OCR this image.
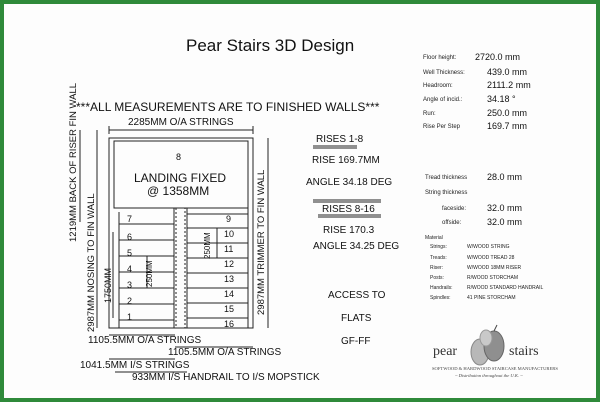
Pear Stairs 3D Design
***ALL MEASUREMENTS ARE TO FINISHED WALLS***
1
2
3
4
5
6
7	9
10
11
12
13
14
15
16
8
2285MM O/A STRINGS
1219MM BACK OF RISER FIN WALL
2987MM NOSING TO FIN WALL 1750MM	2987MM TRIMMER TO FIN WALL
250MM
250MM
LANDING FIXED
@ 1358MM
1105.5MM O/A STRINGS
1105.5MM O/A STRINGS
1041.5MM I/S STRINGS
933MM I/S HANDRAIL TO I/S MOPSTICK
RISES 1-8
RISE 169.7MM
ANGLE 34.18 DEG
RISES 8-16
RISE 170.3
ANGLE 34.25 DEG
ACCESS TO
FLATS
GF-FF
Floor height: 2720.0 mm
Well Thickness: 439.0 mm
Headroom:	2111.2 mm
Angle of incid.:	34.18 °
Run:	250.0 mm
Rise Per Step	169.7 mm
Tread thickness 28.0 mm
String thickness
faceside: 32.0 mm
offside:	32.0 mm
Material
Strings:	W/WOOD STRING
Treads:	W/WOOD TREAD 28
Riser:	W/WOOD 18MM RISER
Posts:	R/WOOD STORCHAM
Handrails:	R/WOOD STANDARD HANDRAIL
Spindles:	41 PINE STORCHAM
pear	stairs
SOFTWOOD & HARDWOOD STAIRCASE MANUFACTURERS
~ Distribution throughout the U.K. ~
